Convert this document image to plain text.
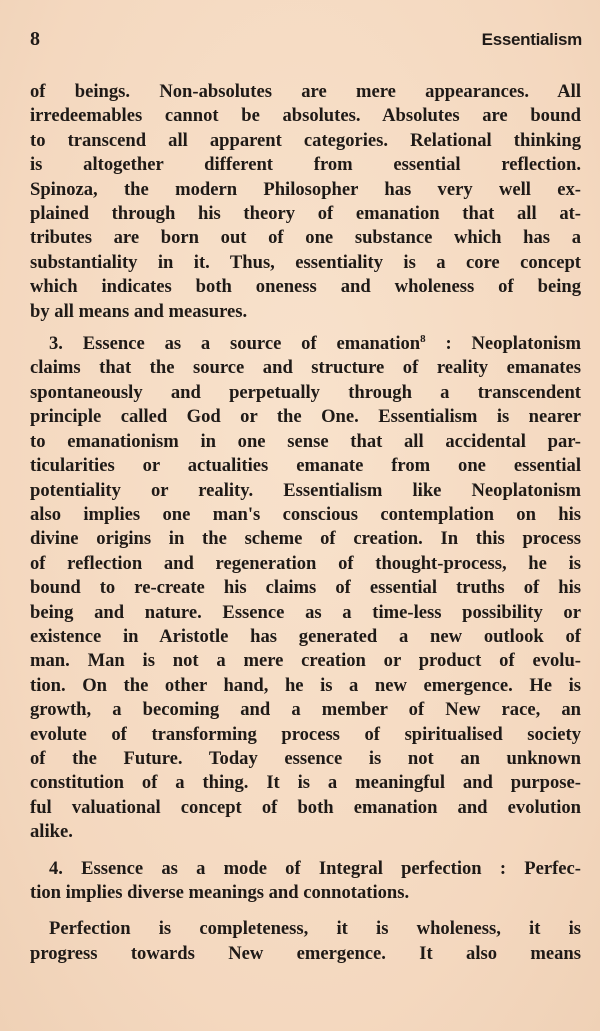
8	Essentialism

of beings. Non-absolutes are mere appearances. All
irredeemables cannot be absolutes. Absolutes are bound
to transcend all apparent categories. Relational thinking
is altogether different from essential reflection.
Spinoza, the modern Philosopher has very well ex-
plained through his theory of emanation that all at-
tributes are born out of one substance which has a
substantiality in it. Thus, essentiality is a core concept
which indicates both oneness and wholeness of being
by all means and measures.

3. Essence as a source of emanation$^8$ : Neoplatonism
claims that the source and structure of reality emanates
spontaneously and perpetually through a transcendent
principle called God or the One. Essentialism is nearer
to emanationism in one sense that all accidental par-
ticularities or actualities emanate from one essential
potentiality or reality. Essentialism like Neoplatonism
also implies one man's conscious contemplation on his
divine origins in the scheme of creation. In this process
of reflection and regeneration of thought-process, he is
bound to re-create his claims of essential truths of his
being and nature. Essence as a time-less possibility or
existence in Aristotle has generated a new outlook of
man. Man is not a mere creation or product of evolu-
tion. On the other hand, he is a new emergence. He is
growth, a becoming and a member of New race, an
evolute of transforming process of spiritualised society
of the Future. Today essence is not an unknown
constitution of a thing. It is a meaningful and purpose-
ful valuational concept of both emanation and evolution
alike.

4. Essence as a mode of Integral perfection : Perfec-
tion implies diverse meanings and connotations.

Perfection is completeness, it is wholeness, it is
progress towards New emergence. It also means
